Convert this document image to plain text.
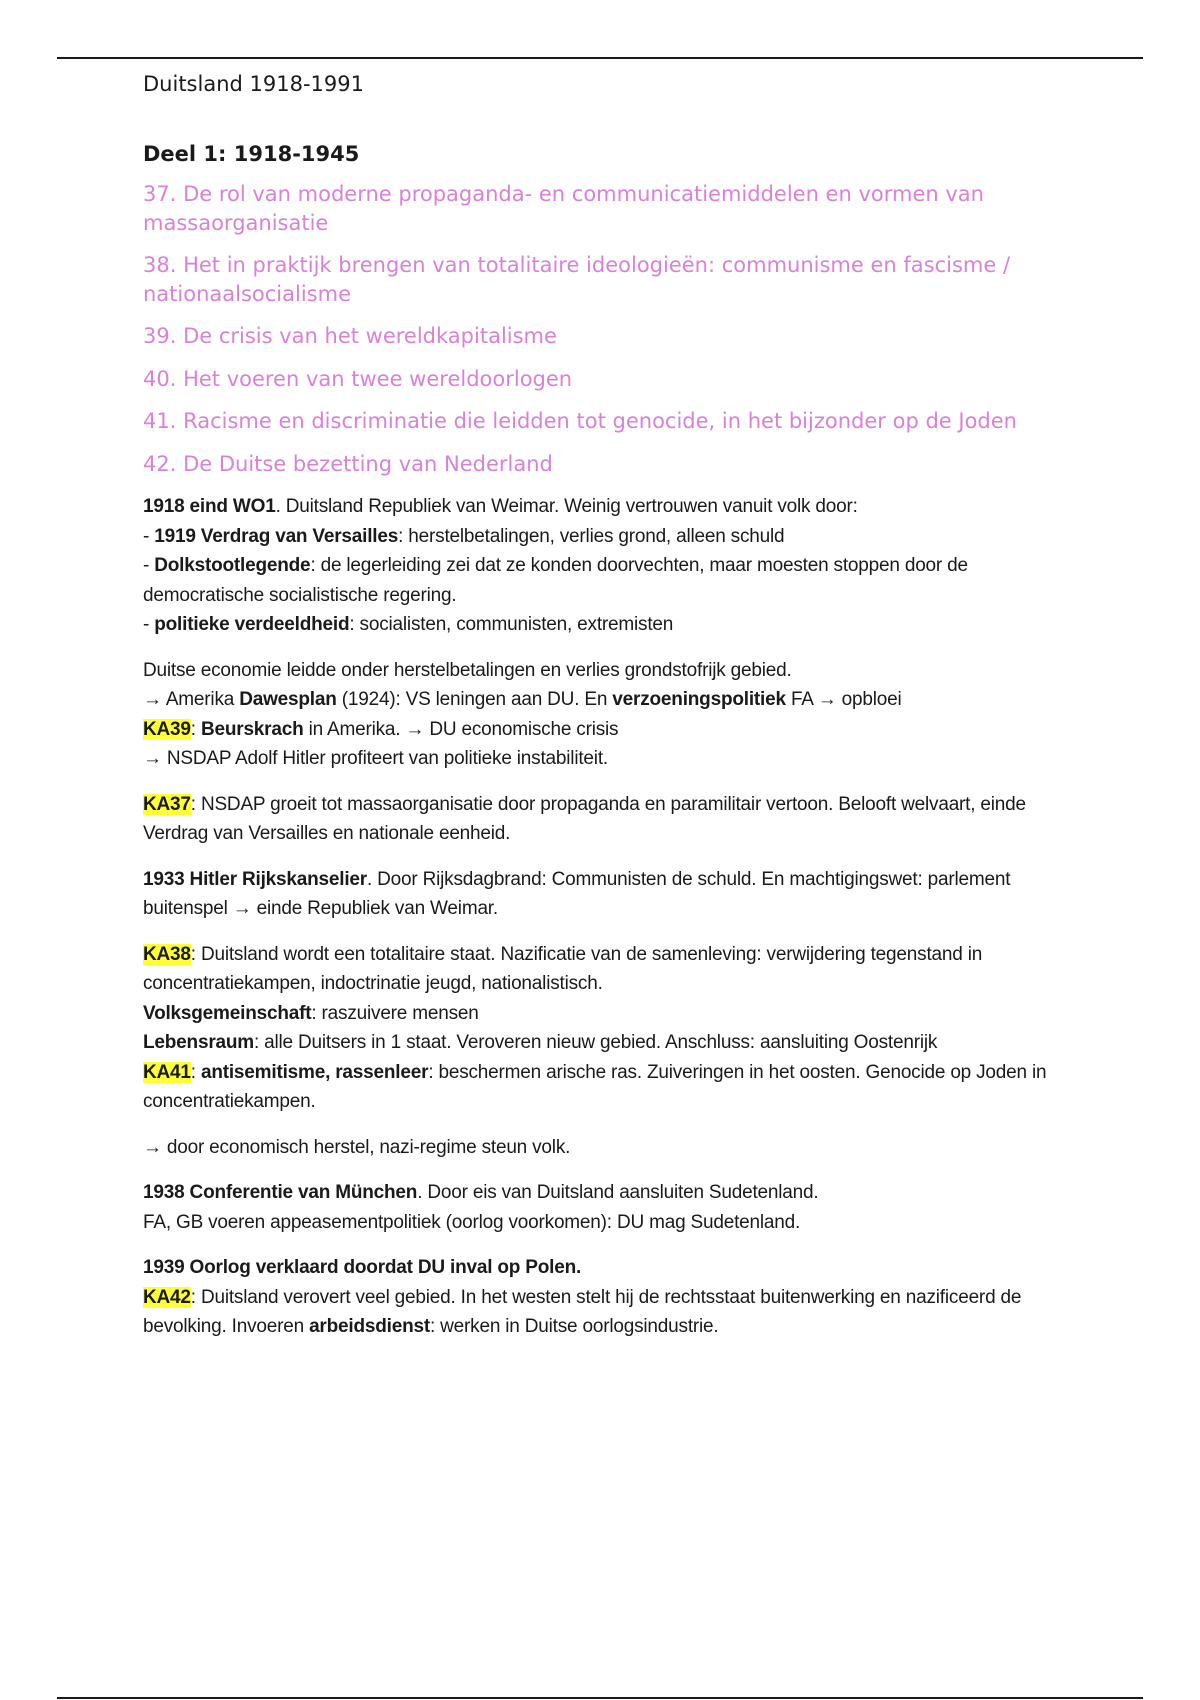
Duitsland 1918-1991
Deel 1: 1918-1945
37. De rol van moderne propaganda- en communicatiemiddelen en vormen van massaorganisatie
38. Het in praktijk brengen van totalitaire ideologieën: communisme en fascisme / nationaalsocialisme
39. De crisis van het wereldkapitalisme
40. Het voeren van twee wereldoorlogen
41. Racisme en discriminatie die leidden tot genocide, in het bijzonder op de Joden
42. De Duitse bezetting van Nederland
1918 eind WO1. Duitsland Republiek van Weimar. Weinig vertrouwen vanuit volk door:
- 1919 Verdrag van Versailles: herstelbetalingen, verlies grond, alleen schuld
- Dolkstootlegende: de legerleiding zei dat ze konden doorvechten, maar moesten stoppen door de democratische socialistische regering.
- politieke verdeeldheid: socialisten, communisten, extremisten
Duitse economie leidde onder herstelbetalingen en verlies grondstofrijk gebied.
→ Amerika Dawesplan (1924): VS leningen aan DU. En verzoeningspolitiek FA → opbloei
KA39: Beurskrach in Amerika. → DU economische crisis
→ NSDAP Adolf Hitler profiteert van politieke instabiliteit.
KA37: NSDAP groeit tot massaorganisatie door propaganda en paramilitair vertoon. Belooft welvaart, einde Verdrag van Versailles en nationale eenheid.
1933 Hitler Rijkskanselier. Door Rijksdagbrand: Communisten de schuld. En machtigingswet: parlement buitenspel → einde Republiek van Weimar.
KA38: Duitsland wordt een totalitaire staat. Nazificatie van de samenleving: verwijdering tegenstand in concentratiekampen, indoctrinatie jeugd, nationalistisch.
Volksgemeinschaft: raszuivere mensen
Lebensraum: alle Duitsers in 1 staat. Veroveren nieuw gebied. Anschluss: aansluiting Oostenrijk
KA41: antisemitisme, rassenleer: beschermen arische ras. Zuiveringen in het oosten. Genocide op Joden in concentratiekampen.
→ door economisch herstel, nazi-regime steun volk.
1938 Conferentie van München. Door eis van Duitsland aansluiten Sudetenland.
FA, GB voeren appeasementpolitiek (oorlog voorkomen): DU mag Sudetenland.
1939 Oorlog verklaard doordat DU inval op Polen.
KA42: Duitsland verovert veel gebied. In het westen stelt hij de rechtsstaat buitenwerking en nazificeerd de bevolking. Invoeren arbeidsdienst: werken in Duitse oorlogsindustrie.
